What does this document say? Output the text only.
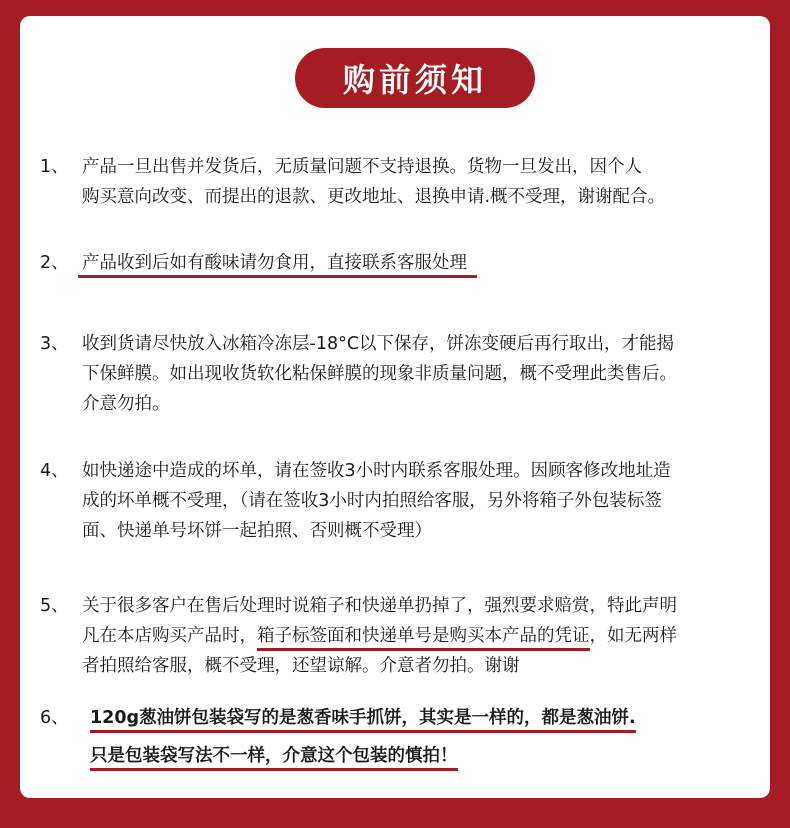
购前须知
1、 产品一旦出售并发货后，无质量问题不支持退换。货物一旦发出，因个人
购买意向改变、而提出的退款、更改地址、退换申请.概不受理，谢谢配合。
2、 产品收到后如有酸味请勿食用，直接联系客服处理
3、 收到货请尽快放入冰箱冷冻层-18°C以下保存，饼冻变硬后再行取出，才能揭
下保鲜膜。如出现收货软化粘保鲜膜的现象非质量问题，概不受理此类售后。
介意勿拍。
4、 如快递途中造成的坏单，请在签收3小时内联系客服处理。因顾客修改地址造
成的坏单概不受理，（请在签收3小时内拍照给客服，另外将箱子外包装标签
面、快递单号坏饼一起拍照、否则概不受理）
5、 关于很多客户在售后处理时说箱子和快递单扔掉了，强烈要求赔赏，特此声明
凡在本店购买产品时，箱子标签面和快递单号是购买本产品的凭证，如无两样
者拍照给客服，概不受理，还望谅解。介意者勿拍。谢谢
6、 120g葱油饼包装袋写的是葱香味手抓饼，其实是一样的，都是葱油饼.
只是包装袋写法不一样，介意这个包装的慎拍！
